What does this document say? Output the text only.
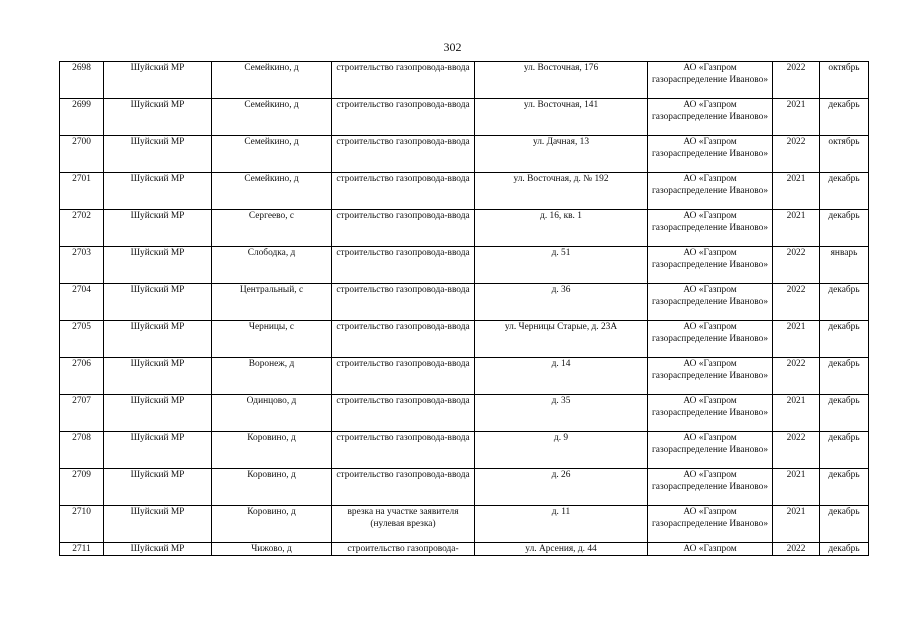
302
2698	Шуйский МР	Семейкино, д	строительство газопровода-ввода	ул. Восточная, 176	АО «Газпром газораспределение Иваново»	2022	октябрь
2699	Шуйский МР	Семейкино, д	строительство газопровода-ввода	ул. Восточная, 141	АО «Газпром газораспределение Иваново»	2021	декабрь
2700	Шуйский МР	Семейкино, д	строительство газопровода-ввода	ул. Дачная, 13	АО «Газпром газораспределение Иваново»	2022	октябрь
2701	Шуйский МР	Семейкино, д	строительство газопровода-ввода	ул. Восточная, д. № 192	АО «Газпром газораспределение Иваново»	2021	декабрь
2702	Шуйский МР	Сергеево, с	строительство газопровода-ввода	д. 16, кв. 1	АО «Газпром газораспределение Иваново»	2021	декабрь
2703	Шуйский МР	Слободка, д	строительство газопровода-ввода	д. 51	АО «Газпром газораспределение Иваново»	2022	январь
2704	Шуйский МР	Центральный, с	строительство газопровода-ввода	д. 36	АО «Газпром газораспределение Иваново»	2022	декабрь
2705	Шуйский МР	Черницы, с	строительство газопровода-ввода	ул. Черницы Старые, д. 23А	АО «Газпром газораспределение Иваново»	2021	декабрь
2706	Шуйский МР	Воронеж, д	строительство газопровода-ввода	д. 14	АО «Газпром газораспределение Иваново»	2022	декабрь
2707	Шуйский МР	Одинцово, д	строительство газопровода-ввода	д. 35	АО «Газпром газораспределение Иваново»	2021	декабрь
2708	Шуйский МР	Коровино, д	строительство газопровода-ввода	д. 9	АО «Газпром газораспределение Иваново»	2022	декабрь
2709	Шуйский МР	Коровино, д	строительство газопровода-ввода	д. 26	АО «Газпром газораспределение Иваново»	2021	декабрь
2710	Шуйский МР	Коровино, д	врезка на участке заявителя (нулевая врезка)	д. 11	АО «Газпром газораспределение Иваново»	2021	декабрь
2711	Шуйский МР	Чижово, д	строительство газопровода-	ул. Арсения, д. 44	АО «Газпром	2022	декабрь
